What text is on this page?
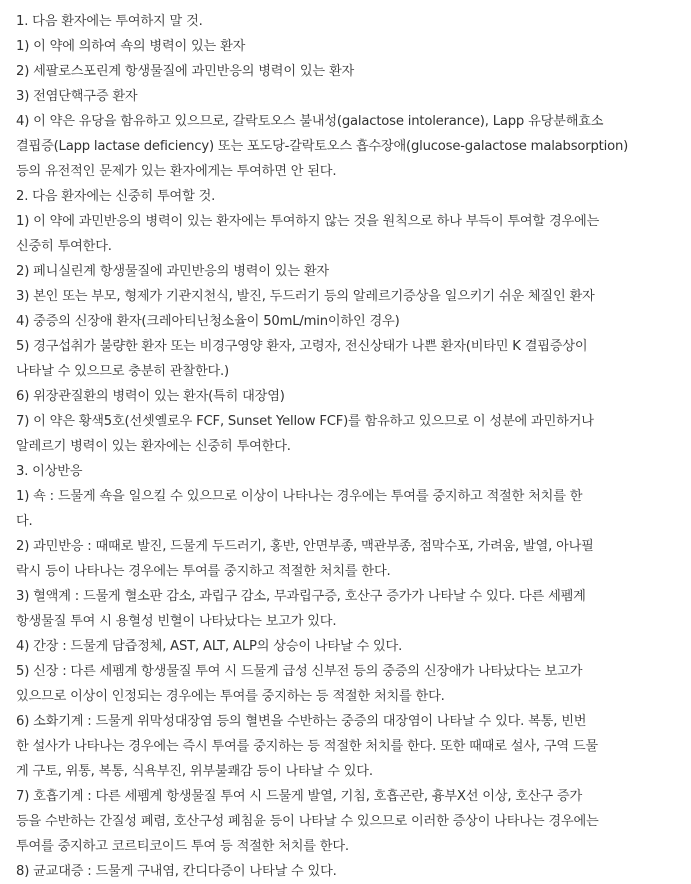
1. 다음 환자에는 투여하지 말 것.
1) 이 약에 의하여 쇽의 병력이 있는 환자
2) 세팔로스포린계 항생물질에 과민반응의 병력이 있는 환자
3) 전염단핵구증 환자
4) 이 약은 유당을 함유하고 있으므로, 갈락토오스 불내성(galactose intolerance), Lapp 유당분해효소
결핍증(Lapp lactase deficiency) 또는 포도당-갈락토오스 흡수장애(glucose-galactose malabsorption)
등의 유전적인 문제가 있는 환자에게는 투여하면 안 된다.
2. 다음 환자에는 신중히 투여할 것.
1) 이 약에 과민반응의 병력이 있는 환자에는 투여하지 않는 것을 원칙으로 하나 부득이 투여할 경우에는
신중히 투여한다.
2) 페니실린계 항생물질에 과민반응의 병력이 있는 환자
3) 본인 또는 부모, 형제가 기관지천식, 발진, 두드러기 등의 알레르기증상을 일으키기 쉬운 체질인 환자
4) 중증의 신장애 환자(크레아티닌청소율이 50mL/min이하인 경우)
5) 경구섭취가 불량한 환자 또는 비경구영양 환자, 고령자, 전신상태가 나쁜 환자(비타민 K 결핍증상이
나타날 수 있으므로 충분히 관찰한다.)
6) 위장관질환의 병력이 있는 환자(특히 대장염)
7) 이 약은 황색5호(선셋옐로우 FCF, Sunset Yellow FCF)를 함유하고 있으므로 이 성분에 과민하거나
알레르기 병력이 있는 환자에는 신중히 투여한다.
3. 이상반응
1) 쇽 : 드물게 쇽을 일으킬 수 있으므로 이상이 나타나는 경우에는 투여를 중지하고 적절한 처치를 한
다.
2) 과민반응 : 때때로 발진, 드물게 두드러기, 홍반, 안면부종, 맥관부종, 점막수포, 가려움, 발열, 아나필
락시 등이 나타나는 경우에는 투여를 중지하고 적절한 처치를 한다.
3) 혈액계 : 드물게 혈소판 감소, 과립구 감소, 무과립구증, 호산구 증가가 나타날 수 있다. 다른 세펨계
항생물질 투여 시 용혈성 빈혈이 나타났다는 보고가 있다.
4) 간장 : 드물게 담즙정체, AST, ALT, ALP의 상승이 나타날 수 있다.
5) 신장 : 다른 세펨계 항생물질 투여 시 드물게 급성 신부전 등의 중증의 신장애가 나타났다는 보고가
있으므로 이상이 인정되는 경우에는 투여를 중지하는 등 적절한 처치를 한다.
6) 소화기계 : 드물게 위막성대장염 등의 혈변을 수반하는 중증의 대장염이 나타날 수 있다. 복통, 빈번
한 설사가 나타나는 경우에는 즉시 투여를 중지하는 등 적절한 처치를 한다. 또한 때때로 설사, 구역 드물
게 구토, 위통, 복통, 식욕부진, 위부불쾌감 등이 나타날 수 있다.
7) 호흡기계 : 다른 세펨계 항생물질 투여 시 드물게 발열, 기침, 호흡곤란, 흉부X선 이상, 호산구 증가
등을 수반하는 간질성 폐렴, 호산구성 폐침윤 등이 나타날 수 있으므로 이러한 증상이 나타나는 경우에는
투여를 중지하고 코르티코이드 투여 등 적절한 처치를 한다.
8) 균교대증 : 드물게 구내염, 칸디다증이 나타날 수 있다.
